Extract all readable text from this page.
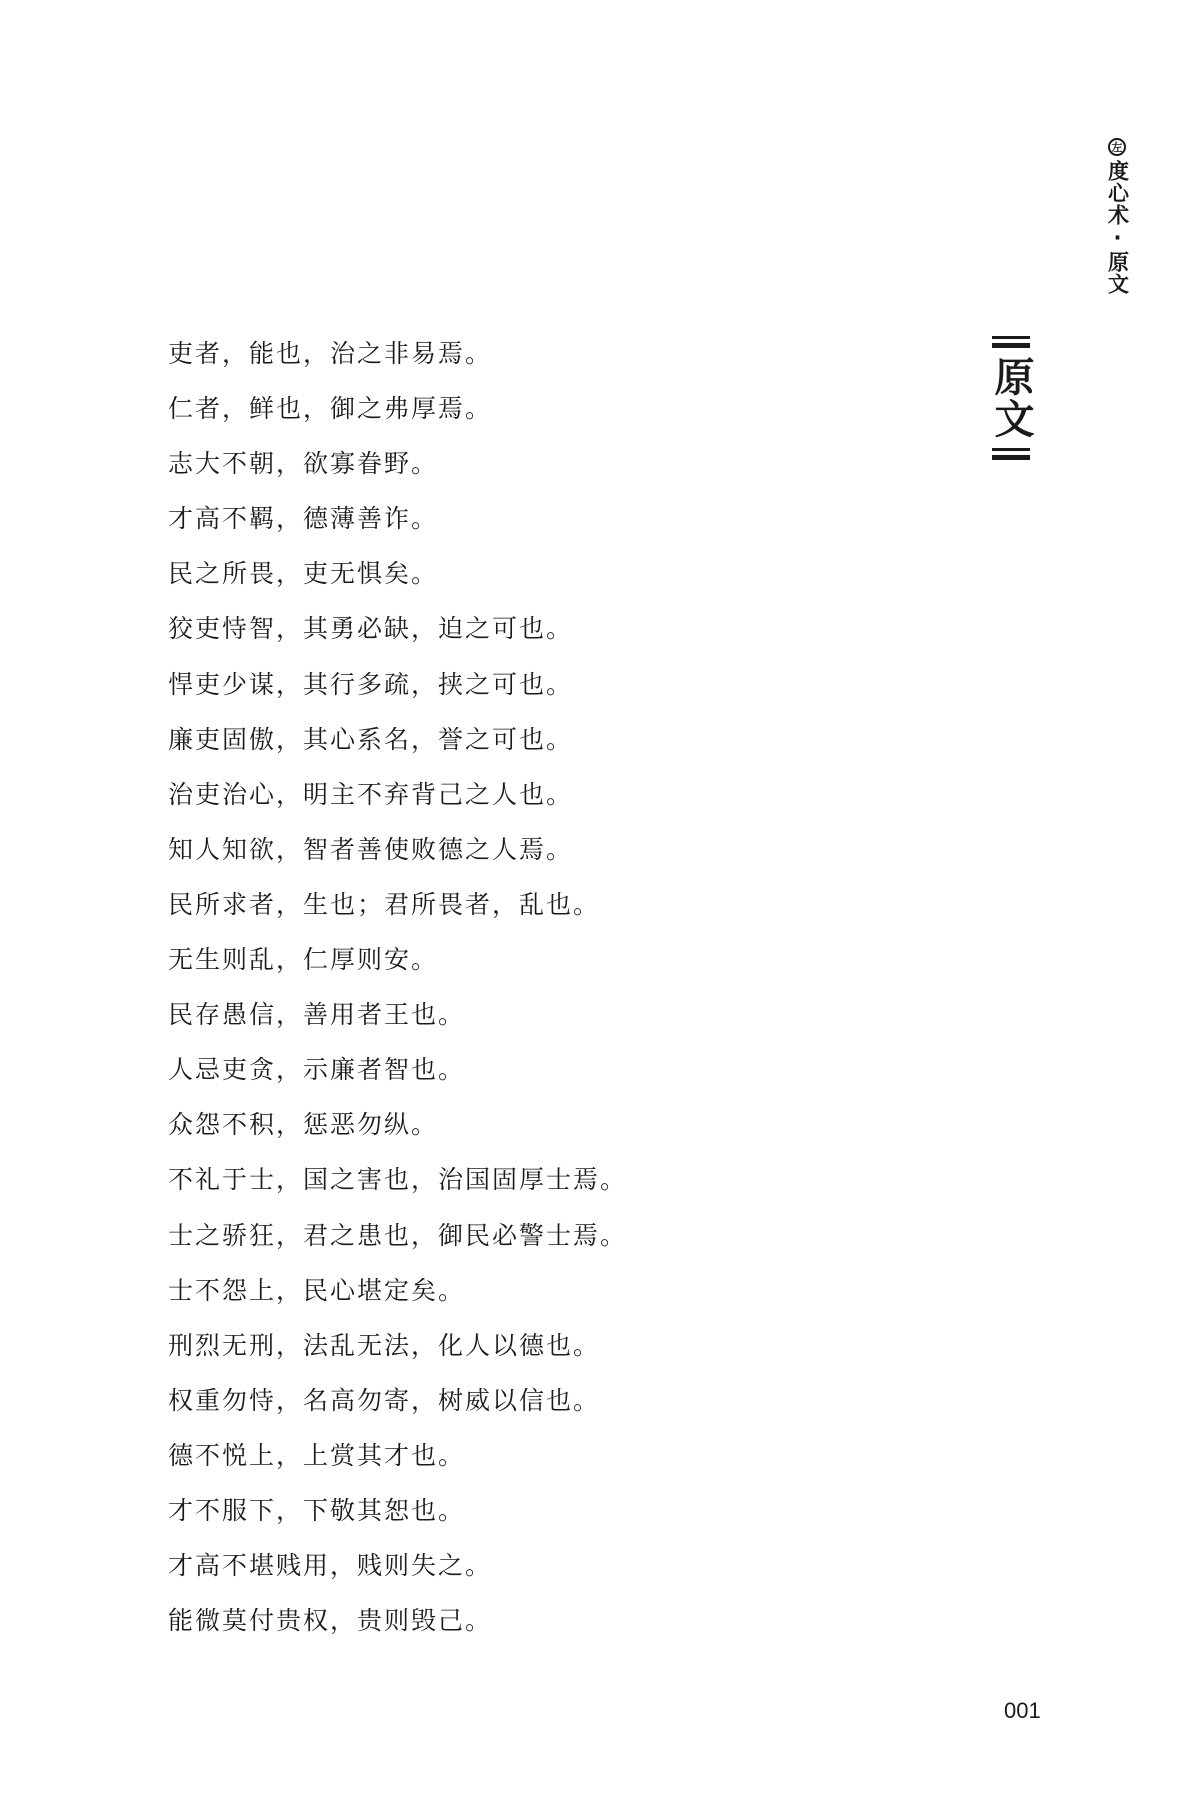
左
度心术·原文
原文
吏者，能也，治之非易焉。
仁者，鲜也，御之弗厚焉。
志大不朝，欲寡眷野。
才高不羁，德薄善诈。
民之所畏，吏无惧矣。
狡吏恃智，其勇必缺，迫之可也。
悍吏少谋，其行多疏，挟之可也。
廉吏固傲，其心系名，誉之可也。
治吏治心，明主不弃背己之人也。
知人知欲，智者善使败德之人焉。
民所求者，生也；君所畏者，乱也。
无生则乱，仁厚则安。
民存愚信，善用者王也。
人忌吏贪，示廉者智也。
众怨不积，惩恶勿纵。
不礼于士，国之害也，治国固厚士焉。
士之骄狂，君之患也，御民必警士焉。
士不怨上，民心堪定矣。
刑烈无刑，法乱无法，化人以德也。
权重勿恃，名高勿寄，树威以信也。
德不悦上，上赏其才也。
才不服下，下敬其恕也。
才高不堪贱用，贱则失之。
能微莫付贵权，贵则毁己。
001
